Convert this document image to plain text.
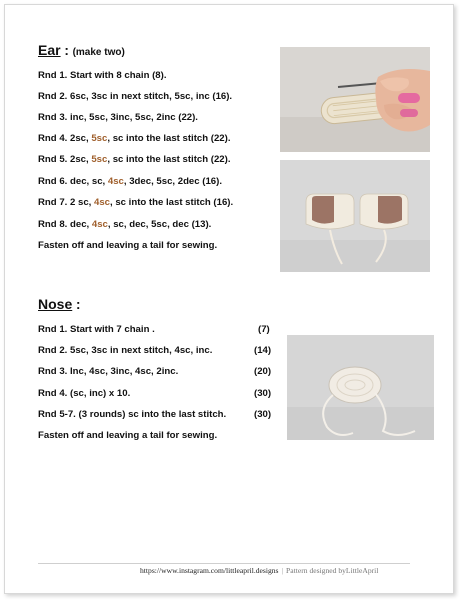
Ear : (make two)
Rnd 1. Start with 8 chain (8).
Rnd 2. 6sc, 3sc in next stitch, 5sc, inc (16).
Rnd 3. inc, 5sc, 3inc, 5sc, 2inc (22).
Rnd 4. 2sc, 5sc, sc into the last stitch (22).
Rnd 5. 2sc, 5sc, sc into the last stitch (22).
Rnd 6. dec, sc, 4sc, 3dec, 5sc, 2dec (16).
Rnd 7. 2 sc, 4sc, sc into the last stitch (16).
Rnd 8. dec, 4sc, sc, dec, 5sc, dec (13).
Fasten off and leaving a tail for sewing.
Nose :
Rnd 1. Start with 7 chain .	(7)
Rnd 2. 5sc, 3sc in next stitch, 4sc, inc.	(14)
Rnd 3. Inc, 4sc, 3inc, 4sc, 2inc.	(20)
Rnd 4. (sc, inc) x 10.	(30)
Rnd 5-7. (3 rounds) sc into the last stitch.	(30)
Fasten off and leaving a tail for sewing.
https://www.instagram.com/littleapril.designs | Pattern designed byLittleApril
